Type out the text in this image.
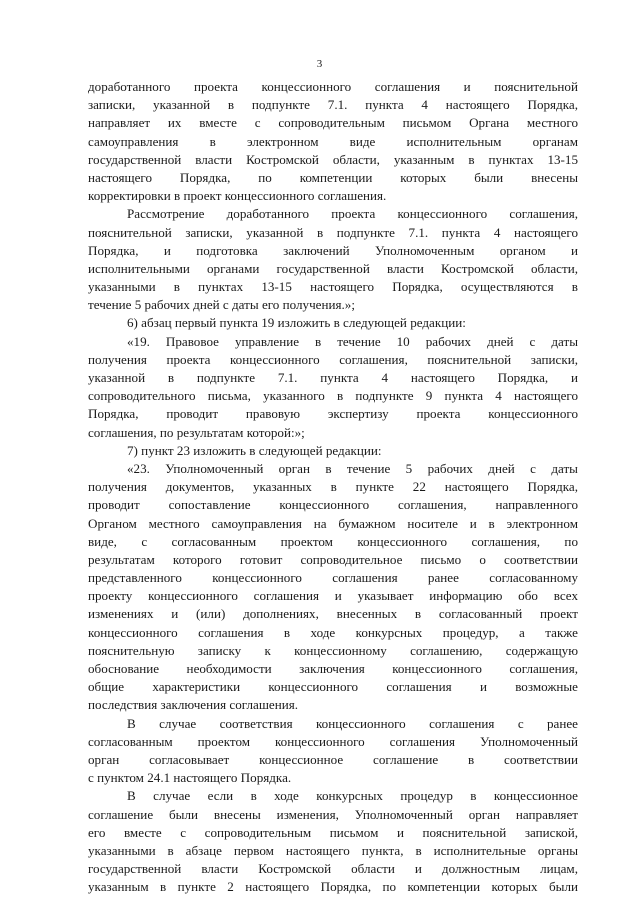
3
доработанного проекта концессионного соглашения и пояснительной
записки, указанной в подпункте 7.1. пункта 4 настоящего Порядка,
направляет их вместе с сопроводительным письмом Органа местного
самоуправления в электронном виде исполнительным органам
государственной власти Костромской области, указанным в пунктах 13-15
настоящего Порядка, по компетенции которых были внесены
корректировки в проект концессионного соглашения.
Рассмотрение доработанного проекта концессионного соглашения,
пояснительной записки, указанной в подпункте 7.1. пункта 4 настоящего
Порядка, и подготовка заключений Уполномоченным органом и
исполнительными органами государственной власти Костромской области,
указанными в пунктах 13-15 настоящего Порядка, осуществляются в
течение 5 рабочих дней с даты его получения.»;
6) абзац первый пункта 19 изложить в следующей редакции:
«19. Правовое управление в течение 10 рабочих дней с даты
получения проекта концессионного соглашения, пояснительной записки,
указанной в подпункте 7.1. пункта 4 настоящего Порядка, и
сопроводительного письма, указанного в подпункте 9 пункта 4 настоящего
Порядка, проводит правовую экспертизу проекта концессионного
соглашения, по результатам которой:»;
7) пункт 23 изложить в следующей редакции:
«23. Уполномоченный орган в течение 5 рабочих дней с даты
получения документов, указанных в пункте 22 настоящего Порядка,
проводит сопоставление концессионного соглашения, направленного
Органом местного самоуправления на бумажном носителе и в электронном
виде, с согласованным проектом концессионного соглашения, по
результатам которого готовит сопроводительное письмо о соответствии
представленного концессионного соглашения ранее согласованному
проекту концессионного соглашения и указывает информацию обо всех
изменениях и (или) дополнениях, внесенных в согласованный проект
концессионного соглашения в ходе конкурсных процедур, а также
пояснительную записку к концессионному соглашению, содержащую
обоснование необходимости заключения концессионного соглашения,
общие характеристики концессионного соглашения и возможные
последствия заключения соглашения.
В случае соответствия концессионного соглашения с ранее
согласованным проектом концессионного соглашения Уполномоченный
орган согласовывает концессионное соглашение в соответствии
с пунктом 24.1 настоящего Порядка.
В случае если в ходе конкурсных процедур в концессионное
соглашение были внесены изменения, Уполномоченный орган направляет
его вместе с сопроводительным письмом и пояснительной запиской,
указанными в абзаце первом настоящего пункта, в исполнительные органы
государственной власти Костромской области и должностным лицам,
указанным в пункте 2 настоящего Порядка, по компетенции которых были
